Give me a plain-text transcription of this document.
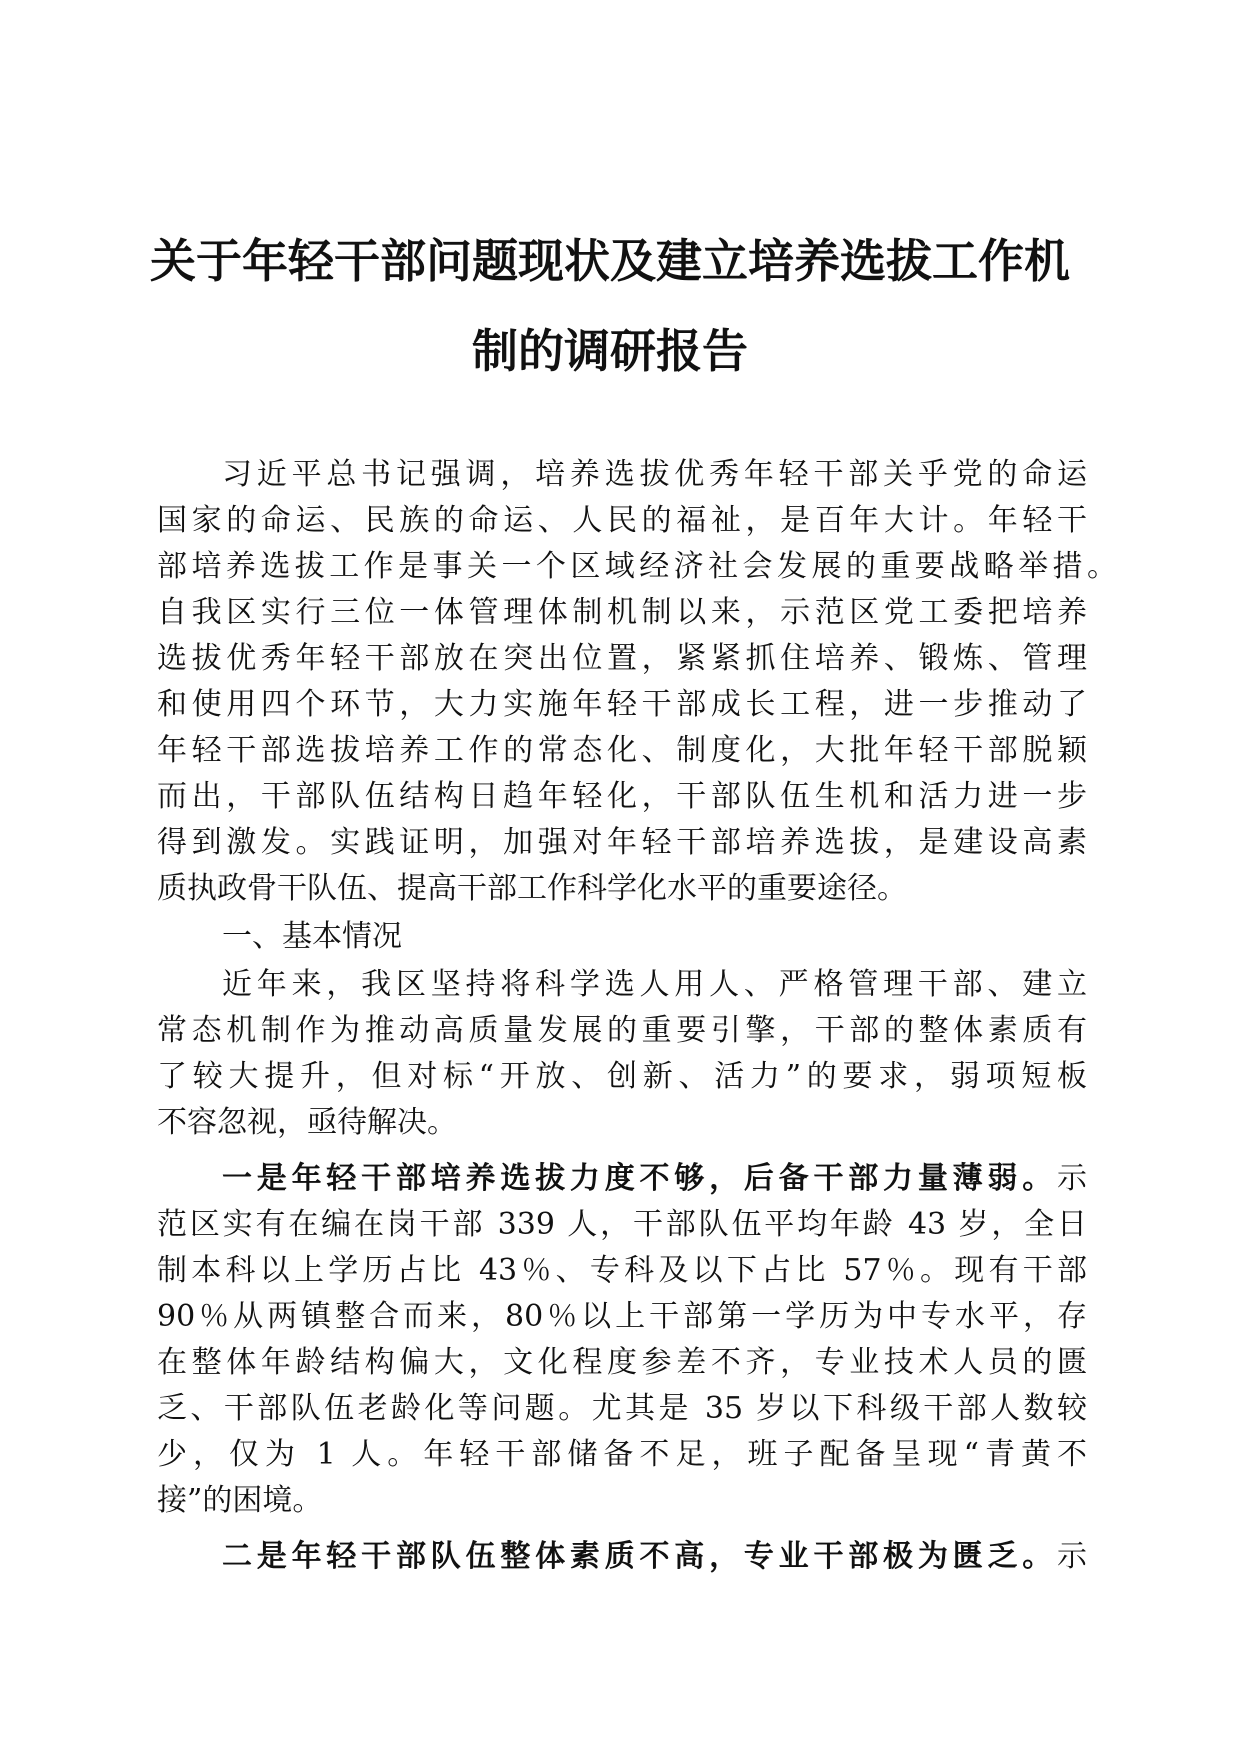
关于年轻干部问题现状及建立培养选拔工作机
制的调研报告
习近平总书记强调，培养选拔优秀年轻干部关乎党的命运
国家的命运、民族的命运、人民的福祉，是百年大计。年轻干
部培养选拔工作是事关一个区域经济社会发展的重要战略举措。
自我区实行三位一体管理体制机制以来，示范区党工委把培养
选拔优秀年轻干部放在突出位置，紧紧抓住培养、锻炼、管理
和使用四个环节，大力实施年轻干部成长工程，进一步推动了
年轻干部选拔培养工作的常态化、制度化，大批年轻干部脱颖
而出，干部队伍结构日趋年轻化，干部队伍生机和活力进一步
得到激发。实践证明，加强对年轻干部培养选拔，是建设高素
质执政骨干队伍、提高干部工作科学化水平的重要途径。
一、基本情况
近年来，我区坚持将科学选人用人、严格管理干部、建立
常态机制作为推动高质量发展的重要引擎，干部的整体素质有
了较大提升，但对标“开放、创新、活力”的要求，弱项短板
不容忽视，亟待解决。
一是年轻干部培养选拔力度不够，后备干部力量薄弱。示
范区实有在编在岗干部 339 人，干部队伍平均年龄 43 岁，全日
制本科以上学历占比 43％、专科及以下占比 57％。现有干部
90％从两镇整合而来，80％以上干部第一学历为中专水平，存
在整体年龄结构偏大，文化程度参差不齐，专业技术人员的匮
乏、干部队伍老龄化等问题。尤其是 35 岁以下科级干部人数较
少，仅为 1 人。年轻干部储备不足，班子配备呈现“青黄不
接”的困境。
二是年轻干部队伍整体素质不高，专业干部极为匮乏。示
